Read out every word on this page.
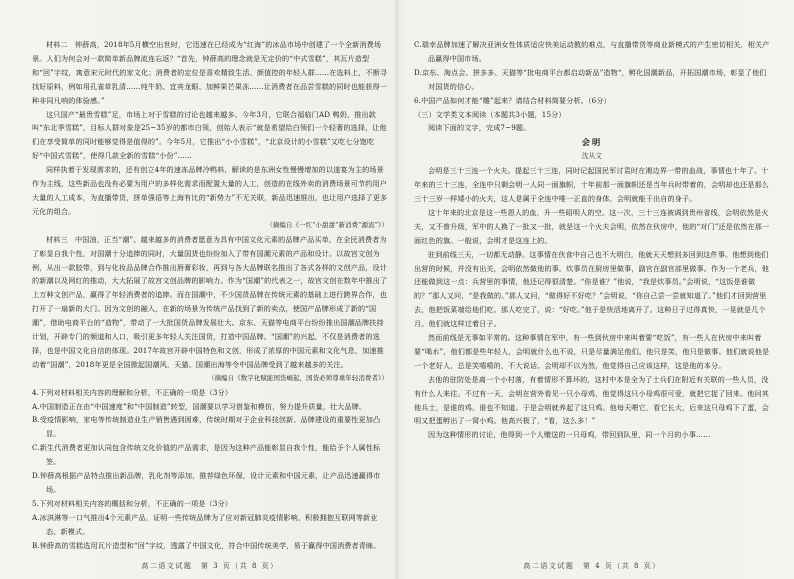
材料二　钟薛高，2018年5月横空出世时，它迅速在已经成为“红海”的冰品市场中创建了一个全新消费场景。人们为何会对一款简单新品牌流连忘返？“首先，钟薛高的理念就是无定价的“中式雪糕”，其瓦片造型和“回”字纹，寓意宋元时代的家文化；消费者的定位是喜欢精致生活、颜值控的年轻人群……在选料上，不断寻找好原料，例如用孔雀草乳清……纯牛奶、宜宾龙眼、加鲜果芒果冻……让消费者在品尝雪糕的同时也能获得一种非同凡响的体验感。”

这只国产“最贵雪糕”足，市场上对于雪糕的讨论也越来越多。今年3月，它联合福临门AD 鸭奶，推出款叫“东北季雪糕”，目标人群对象是25~35岁的都市白领，创始人表示“就是希望给白领们一个轻奢的选择，让他们在享受简单的同时能够觉得是值得的”。今年5月，它推出“小小雪糕”，“北京设计的小雪糕”又吃七分饱吃好“中国式雪糕”，使得几款全新的雪糕“小份”……

同样执着于发现需求的，还有创立4年的速冻品牌冷鸭料，解读的是东洲女性慢慢增加的以遂宴为主的场景作为主线，这些新品也没有必要为用户的多样化需求而配置大量的人工，创造的在线外卖的消费场景可节约用户大量的人工成本，为直播带货，拼单强语等上海有比的“新势力”不无关联，新品迅速推出，也让用户选择了更多元化的组合。

（摘编自《一红“小甜甜”新消费“源流”》）

材料三　中国油，正当“潮”。越来越多的消费者愿意为具有中国文化元素的品牌产品买单，在全民消费者为了彰显自我个性，对国潮十分追捧的同时，大量国货也纷纷加入了带有国潮元素的产品和设计。以故宫文创为例，从出一款胶带，到与化妆品品牌合作推出唇膏彩妆，再到与各大品牌联名推出了各式各样的文创产品，设计的新潮以及网红的推动，大大拓展了故宫文创品牌的影响力。作为“国潮”的代表之一，故宫文创在数年中推出了上万种文创产品，赢得了年轻消费者的追捧。而在国潮中，不少国货品牌在传统元素的基础上进行跨界合作，也打开了一扇新的大门。因为文创的融入，在新的场景为传统产品找到了新的卖点，使国产品牌形成了新的“国潮”，借助电商平台的“造物”，带动了一大批国货品牌发展壮大。京东、天猫等电商平台纷纷推出国潮品牌扶持计划，开辟专门的频道和入口，吸引更多年轻人关注国货，打造中国品牌。“国潮”的兴起，不仅是消费者的选择，也是中国文化自信的体现。2017年故宫开辟中国特色和文创，形成了浓厚的中国元素和文化气息，加速推动着“国潮”，2018年更是全国掀起国潮风，天猫、国潮出海等令中国品牌受到了越来越多的关注。

（摘编自《数字化赋能国货崛起，国货必须尊重年轻消费者》）

4.下列对材料相关内容的理解和分析，不正确的一项是（3分）

A.中国制造正在由“中国速度”和“中国制造”转型，国潮要以学习借鉴和模仿，努力提升质量，壮大品牌。

B.受疫情影响，家电等传统制造业生产销售遇到困难，传统时期对于企业科技创新、品牌建设的重要性更加凸显。

C.新生代消费者更加认同包含传统文化价值的产品需求，是因为这种产品能彰显自我个性，能给予个人属性标签。

D.钟薛高根据产品特点推出新品牌，乳化剂等添加，推荐绿色环保，设计元素和中国元素，让产品迅速赢得市场。

5.下列对材料相关内容的概括和分析，不正确的一项是（3分）

A.冰淇淋等一口气推出4个元素产品，证明一些传统品牌为了应对新冠肺炎疫情影响，积极拥抱互联网等新业态、新模式。

B.钟薛高的雪糕选用瓦片造型和“回”字纹，透露了中国文化，符合中国传统美学，易于赢得中国消费者青睐。

C.瑞幸品牌加速了解决亚洲女性体质适应快美运动教的难点，与直播带货等商业新模式的产生密切相关，相关产品赢得中国市场。

D.京东、淘点会、拼多多、天猫等“批电商平台都启动新品”造物“，孵化国潮新品，开拓国潮市场，彰显了他们对国货的信心。

6.中国产品如何才能“雕”起来？请结合材料简要分析。（6分）

（三）文学类文本阅读（本题共3小题，15分）

阅读下面的文字，完成7~9题。

会明

沈从文

会明是三十三连一个火夫。提起三十三连，同时记起国民军讨袁时在湘边界一带的血战，事情也十年了。十年来的三十三连，全连中只剩会明一人同一面旗帜，十年前那一面旗帜还是当年兵时带着的，会明却也还是那么三十三岁一样矮小的火夫，这人是属于全连中唯一正直的身体，会明就能干出自的身子。

这十年来的北京是这一些恩人的血，升一些昭明人的空。这一次，三十三连被调到贵州省线，会明依然是火夫，又不曾升级，军中的人换了一批又一批，就是这一个火夫会明，依然在伙房中，他的“对门”还是依然在那一面红色的旗。一般说，会明才是这连上的。

驻到前线三天，一切都无动静。这事情在伙食中自己也不大明白，他就天天想到多回到这件事。他想到他们出营的时候，并没有出关，会明依然做他的事。炊事员在厨房里做事，副官在副官部里做事。作为一个老兵，他还能做到这一点：兵营里的事情，他还记得很清楚。“你是谁？”他说，“我是炊事员。”会明说，“这饭是谁做的？”那人又问，“是我做的。”那人又问，“做得好不好吃？”会明说，“你自己尝一尝就知道了。”他们才回到营里去，他把饭菜端给他们吃。那人吃完了，说：“好吃。”他于是快活地离开了。这种日子过得真快，一晃就是几个月。他们就这样过着日子。

然而前线是无事如平常的。这种事情在军中，有一些到伙房中来叫着要“吃饭”，有一些人在伙房中来叫着要“喝水”，他们都是些年轻人，会明就什么也不说，只是尽量满足他们。他只是笑，他只是做事。他们就说他是一个老好人，总是笑嘻嘻的，不大说话。会明却不以为然，他觉得自己应该这样，这是他的本分。

去他的驻防处是离一个小村落，有着情形不算坏的，这村中本是全为了士兵们在附近有关联的一些人员，没有什么人来往。不过有一天，会明在营外看见一只小母鸡，他觉得这只小母鸡很可爱，就把它捉了回来。他问其他兵士，是谁的鸡。谁也不知道。于是会明就养起了这只鸡。他每天喂它，看它长大，后来这只母鸡下了蛋，会明又把蛋孵出了一窝小鸡。他高兴极了，“看，这么多！”

因为这种情形的讨论，他得到一个人赠送的一只母鸡，带回到队里，同一个月的小事……

高二语文试题　第 3 页（共 8 页）	高二语文试题　第 4 页（共 8 页）
